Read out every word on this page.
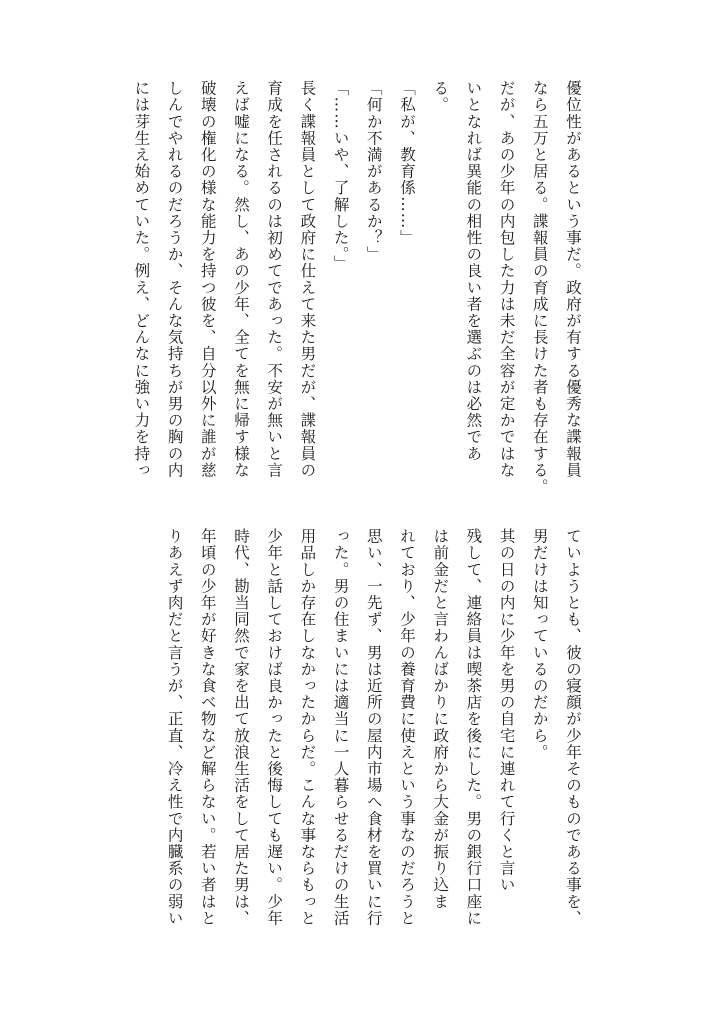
優位性があるという事だ。政府が有する優秀な諜報員
なら五万と居る。諜報員の育成に長けた者も存在する。
だが、あの少年の内包した力は未だ全容が定かではな
いとなれば異能の相性の良い者を選ぶのは必然であ
る。
「私が、教育係……」
「何か不満があるか？」
「……いや、了解した。」
長く諜報員として政府に仕えて来た男だが、諜報員の
育成を任されるのは初めてであった。不安が無いと言
えば嘘になる。然し、あの少年、全てを無に帰す様な
破壊の権化の様な能力を持つ彼を、自分以外に誰が慈
しんでやれるのだろうか、そんな気持ちが男の胸の内
には芽生え始めていた。例え、どんなに強い力を持っ
ていようとも、彼の寝顔が少年そのものである事を、
男だけは知っているのだから。
其の日の内に少年を男の自宅に連れて行くと言い
残して、連絡員は喫茶店を後にした。男の銀行口座に
は前金だと言わんばかりに政府から大金が振り込ま
れており、少年の養育費に使えという事なのだろうと
思い、一先ず、男は近所の屋内市場へ食材を買いに行
った。男の住まいには適当に一人暮らせるだけの生活
用品しか存在しなかったからだ。こんな事ならもっと
少年と話しておけば良かったと後悔しても遅い。少年
時代、勘当同然で家を出て放浪生活をして居た男は、
年頃の少年が好きな食べ物など解らない。若い者はと
りあえず肉だと言うが、正直、冷え性で内臓系の弱い
